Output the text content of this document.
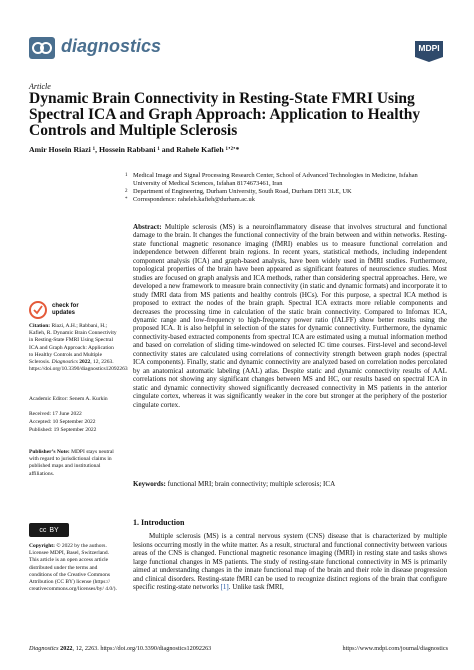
diagnostics	MDPI
Article
Dynamic Brain Connectivity in Resting-State FMRI Using Spectral ICA and Graph Approach: Application to Healthy Controls and Multiple Sclerosis
Amir Hosein Riazi ¹, Hossein Rabbani ¹ and Rahele Kafieh ¹ʼ²ʼ*
1 Medical Image and Signal Processing Research Center, School of Advanced Technologies in Medicine, Isfahan University of Medical Sciences, Isfahan 8174673461, Iran
2 Department of Engineering, Durham University, South Road, Durham DH1 3LE, UK
* Correspondence: raheleh.kafieh@durham.ac.uk

Abstract: Multiple sclerosis (MS) is a neuroinflammatory disease that involves structural and functional damage to the brain. It changes the functional connectivity of the brain between and within networks. Resting-state functional magnetic resonance imaging (fMRI) enables us to measure functional correlation and independence between different brain regions. In recent years, statistical methods, including independent component analysis (ICA) and graph-based analysis, have been widely used in fMRI studies. Furthermore, topological properties of the brain have been appeared as significant features of neuroscience studies. Most studies are focused on graph analysis and ICA methods, rather than considering spectral approaches. Here, we developed a new framework to measure brain connectivity (in static and dynamic formats) and incorporate it to study fMRI data from MS patients and healthy controls (HCs). For this purpose, a spectral ICA method is proposed to extract the nodes of the brain graph. Spectral ICA extracts more reliable components and decreases the processing time in calculation of the static brain connectivity. Compared to Infomax ICA, dynamic range and low-frequency to high-frequency power ratio (fALFF) show better results using the proposed ICA. It is also helpful in selection of the states for dynamic connectivity. Furthermore, the dynamic connectivity-based extracted components from spectral ICA are estimated using a mutual information method and based on correlation of sliding time-windowed on selected IC time courses. First-level and second-level connectivity states are calculated using correlations of connectivity strength between graph nodes (spectral ICA components). Finally, static and dynamic connectivity are analyzed based on correlation nodes percolated by an anatomical automatic labeling (AAL) atlas. Despite static and dynamic connectivity results of AAL correlations not showing any significant changes between MS and HC, our results based on spectral ICA in static and dynamic connectivity showed significantly decreased connectivity in MS patients in the anterior cingulate cortex, whereas it was significantly weaker in the core but stronger at the periphery of the posterior cingulate cortex.

Keywords: functional MRI; brain connectivity; multiple sclerosis; ICA
check for
updates
Citation: Riazi, A.H.; Rabbani, H.; Kafieh, R. Dynamic Brain Connectivity in Resting-State FMRI Using Spectral ICA and Graph Approach: Application to Healthy Controls and Multiple Sclerosis. Diagnostics 2022, 12, 2263. https://doi.org/10.3390/diagnostics12092263
Academic Editor: Senem A. Kurkin
Received: 17 June 2022
Accepted: 10 September 2022
Published: 19 September 2022
Publisher’s Note: MDPI stays neutral with regard to jurisdictional claims in published maps and institutional affiliations.
cc BY
Copyright: © 2022 by the authors. Licensee MDPI, Basel, Switzerland. This article is an open access article distributed under the terms and conditions of the Creative Commons Attribution (CC BY) license (https:// creativecommons.org/licenses/by/ 4.0/).
1. Introduction

Multiple sclerosis (MS) is a central nervous system (CNS) disease that is characterized by multiple lesions occurring mostly in the white matter. As a result, structural and functional connectivity between various areas of the CNS is changed. Functional magnetic resonance imaging (fMRI) in resting state and tasks shows large functional changes in MS patients. The study of resting-state functional connectivity in MS is primarily aimed at understanding changes in the innate functional map of the brain and their role in disease progression and clinical disorders. Resting-state fMRI can be used to recognize distinct regions of the brain that configure specific resting-state networks [1]. Unlike task fMRI,

Diagnostics 2022, 12, 2263. https://doi.org/10.3390/diagnostics12092263	https://www.mdpi.com/journal/diagnostics
